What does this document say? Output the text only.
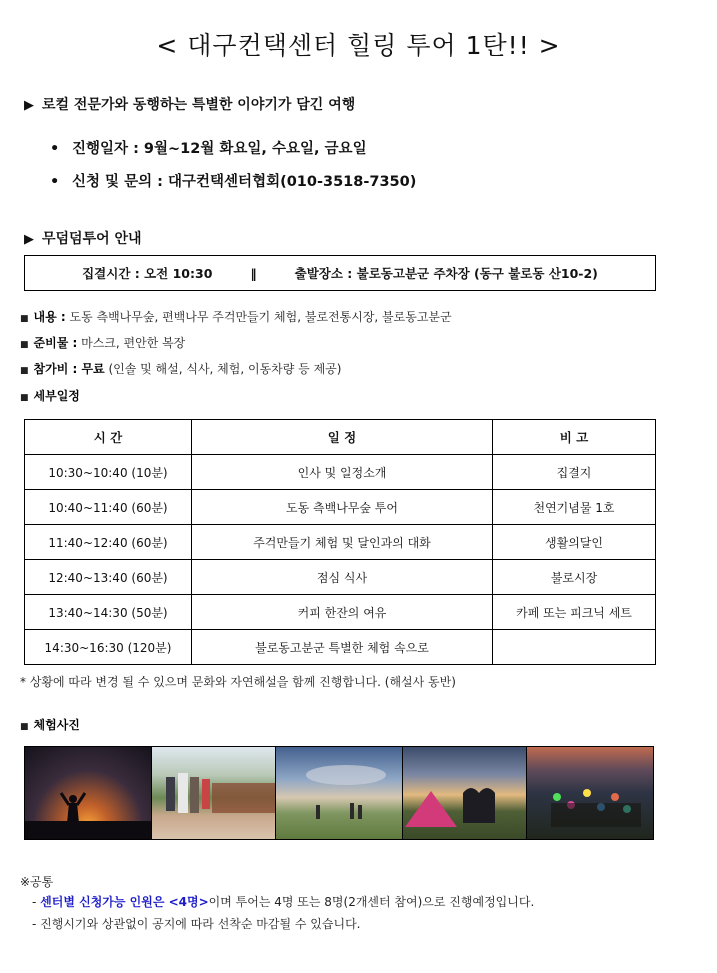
< 대구컨택센터 힐링 투어 1탄!! >
▶ 로컬 전문가와 동행하는 특별한 이야기가 담긴 여행
• 진행일자 : 9월~12월 화요일, 수요일, 금요일
• 신청 및 문의 : 대구컨택센터협회(010-3518-7350)
▶ 무덤덤투어 안내
집결시간 : 오전 10:30	‖	출발장소 : 불로동고분군 주차장 (동구 불로동 산10-2)
■ 내용 : 도동 측백나무숲, 편백나무 주걱만들기 체험, 불로전통시장, 불로동고분군
■ 준비물 : 마스크, 편안한 복장
■ 참가비 : 무료 (인솔 및 해설, 식사, 체험, 이동차량 등 제공)
■ 세부일정
시 간	일 정	비 고
10:30~10:40 (10분)	인사 및 일정소개	집결지
10:40~11:40 (60분)	도동 측백나무숲 투어	천연기념물 1호
11:40~12:40 (60분)	주걱만들기 체험 및 달인과의 대화	생활의달인
12:40~13:40 (60분)	점심 식사	불로시장
13:40~14:30 (50분)	커피 한잔의 여유	카페 또는 피크닉 세트
14:30~16:30 (120분)	불로동고분군 특별한 체험 속으로	
* 상황에 따라 변경 될 수 있으며 문화와 자연해설을 함께 진행합니다. (해설사 동반)
■ 체험사진
※공통
- 센터별 신청가능 인원은 <4명>이며 투어는 4명 또는 8명(2개센터 참여)으로 진행예정입니다.
- 진행시기와 상관없이 공지에 따라 선착순 마감될 수 있습니다.
